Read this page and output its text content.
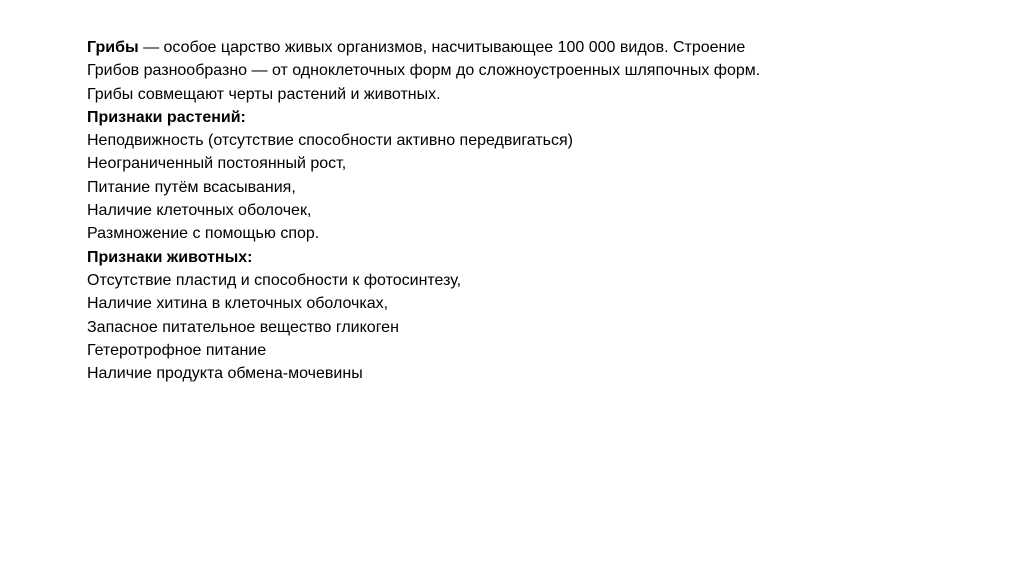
Грибы — особое царство живых организмов, насчитывающее 100 000 видов. Строение
Грибов разнообразно — от одноклеточных форм до сложноустроенных шляпочных форм.
Грибы совмещают черты растений и животных.
Признаки растений:
Неподвижность (отсутствие способности активно передвигаться)
Неограниченный постоянный рост,
Питание путём всасывания,
Наличие клеточных оболочек,
Размножение с помощью спор.
Признаки животных:
Отсутствие пластид и способности к фотосинтезу,
Наличие хитина в клеточных оболочках,
Запасное питательное вещество гликоген
Гетеротрофное питание
Наличие продукта обмена-мочевины
